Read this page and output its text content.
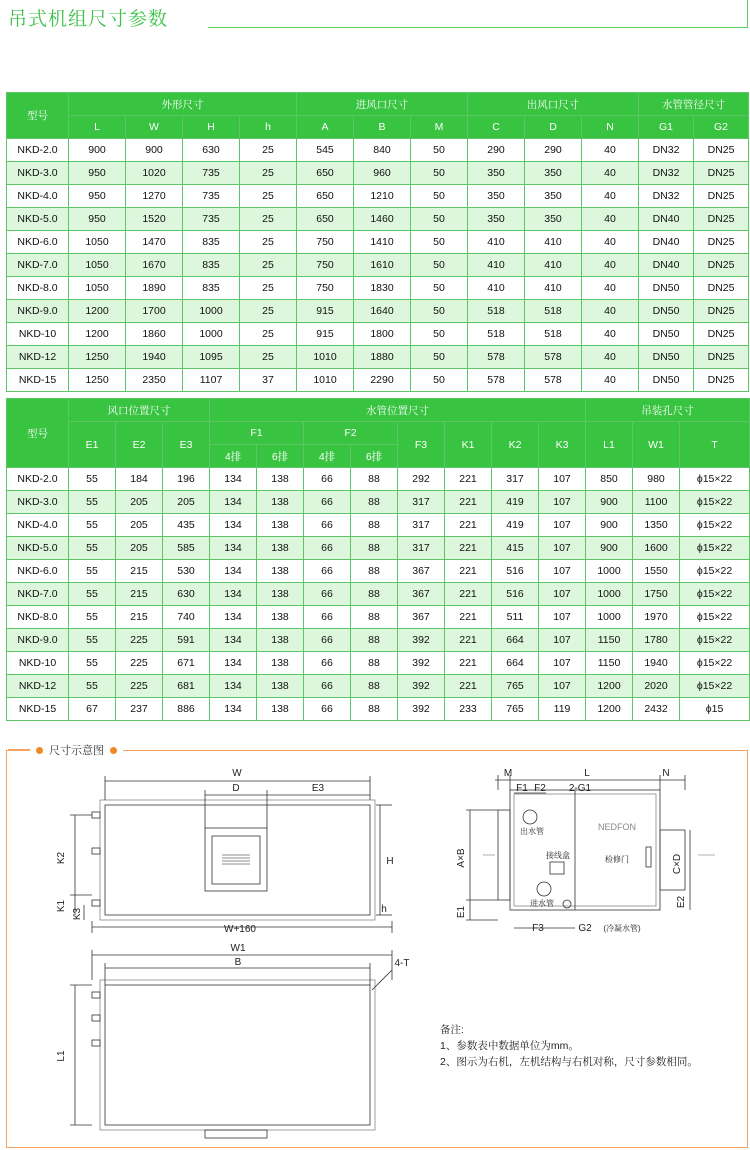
吊式机组尺寸参数
型号	外形尺寸				进风口尺寸			出风口尺寸			水管管径尺寸	
	L	W	H	h	A	B	M	C	D	N	G1	G2
NKD-2.0	900	900	630	25	545	840	50	290	290	40	DN32	DN25
NKD-3.0	950	1020	735	25	650	960	50	350	350	40	DN32	DN25
NKD-4.0	950	1270	735	25	650	1210	50	350	350	40	DN32	DN25
NKD-5.0	950	1520	735	25	650	1460	50	350	350	40	DN40	DN25
NKD-6.0	1050	1470	835	25	750	1410	50	410	410	40	DN40	DN25
NKD-7.0	1050	1670	835	25	750	1610	50	410	410	40	DN40	DN25
NKD-8.0	1050	1890	835	25	750	1830	50	410	410	40	DN50	DN25
NKD-9.0	1200	1700	1000	25	915	1640	50	518	518	40	DN50	DN25
NKD-10	1200	1860	1000	25	915	1800	50	518	518	40	DN50	DN25
NKD-12	1250	1940	1095	25	1010	1880	50	578	578	40	DN50	DN25
NKD-15	1250	2350	1107	37	1010	2290	50	578	578	40	DN50	DN25
型号	风口位置尺寸			水管位置尺寸								吊装孔尺寸		
	E1	E2	E3	F1		F2		F3	K1	K2	K3	L1	W1	T
				4排	6排	4排	6排							
NKD-2.0	55	184	196	134	138	66	88	292	221	317	107	850	980	ϕ15×22
NKD-3.0	55	205	205	134	138	66	88	317	221	419	107	900	1100	ϕ15×22
NKD-4.0	55	205	435	134	138	66	88	317	221	419	107	900	1350	ϕ15×22
NKD-5.0	55	205	585	134	138	66	88	317	221	415	107	900	1600	ϕ15×22
NKD-6.0	55	215	530	134	138	66	88	367	221	516	107	1000	1550	ϕ15×22
NKD-7.0	55	215	630	134	138	66	88	367	221	516	107	1000	1750	ϕ15×22
NKD-8.0	55	215	740	134	138	66	88	367	221	511	107	1000	1970	ϕ15×22
NKD-9.0	55	225	591	134	138	66	88	392	221	664	107	1150	1780	ϕ15×22
NKD-10	55	225	671	134	138	66	88	392	221	664	107	1150	1940	ϕ15×22
NKD-12	55	225	681	134	138	66	88	392	221	765	107	1200	2020	ϕ15×22
NKD-15	67	237	886	134	138	66	88	392	233	765	119	1200	2432	ϕ15
尺寸示意图
W
D	E3
H
h
K2
K1
K3
W+160
M	L	N
F1 F2 2-G1
出水管
接线盒	检修门
NEDFON
A×B	C×D
E1
E2
进水管
F3	G2 (冷凝水管)
W1
B	4-T
L1
备注:
1、参数表中数据单位为mm。
2、图示为右机，左机结构与右机对称，尺寸参数相同。
